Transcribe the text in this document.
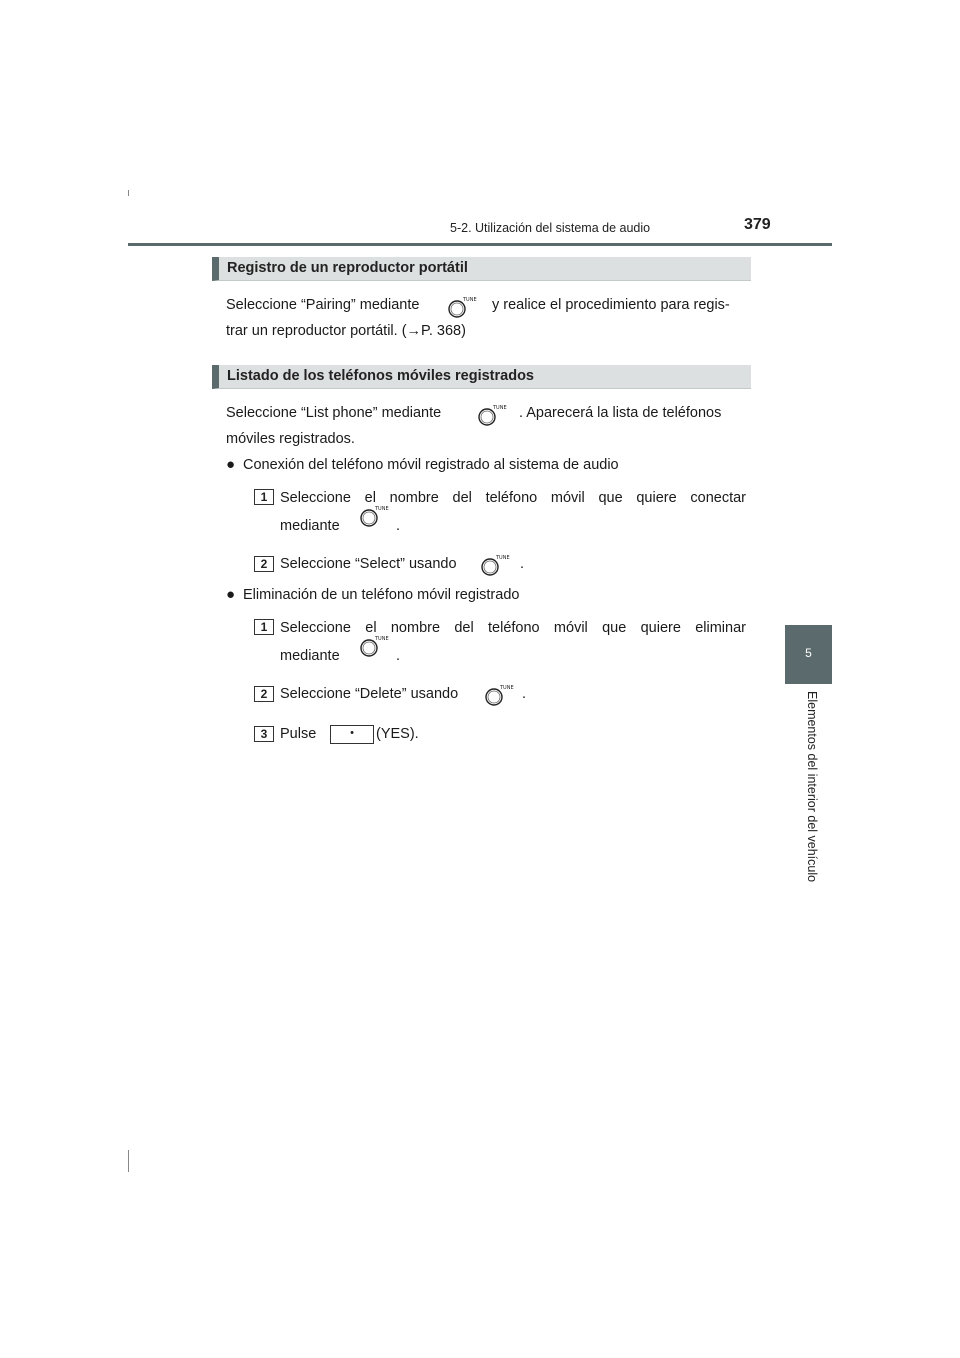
5-2. Utilización del sistema de audio	379
5
Elementos del interior del vehículo
Registro de un reproductor portátil
Seleccione “Pairing” mediante	TUNE y realice el procedimiento para regis-
trar un reproductor portátil. (→P. 368)
Listado de los teléfonos móviles registrados
Seleccione “List phone” mediante	TUNE . Aparecerá la lista de teléfonos
móviles registrados.
● Conexión del teléfono móvil registrado al sistema de audio
1 Seleccione el nombre del teléfono móvil que quiere conectar
mediante
TUNE
.
2 Seleccione “Select” usando	TUNE .
● Eliminación de un teléfono móvil registrado
1 Seleccione el nombre del teléfono móvil que quiere eliminar
mediante
TUNE
.
2 Seleccione “Delete” usando	TUNE .
3 Pulse	•	(YES).
